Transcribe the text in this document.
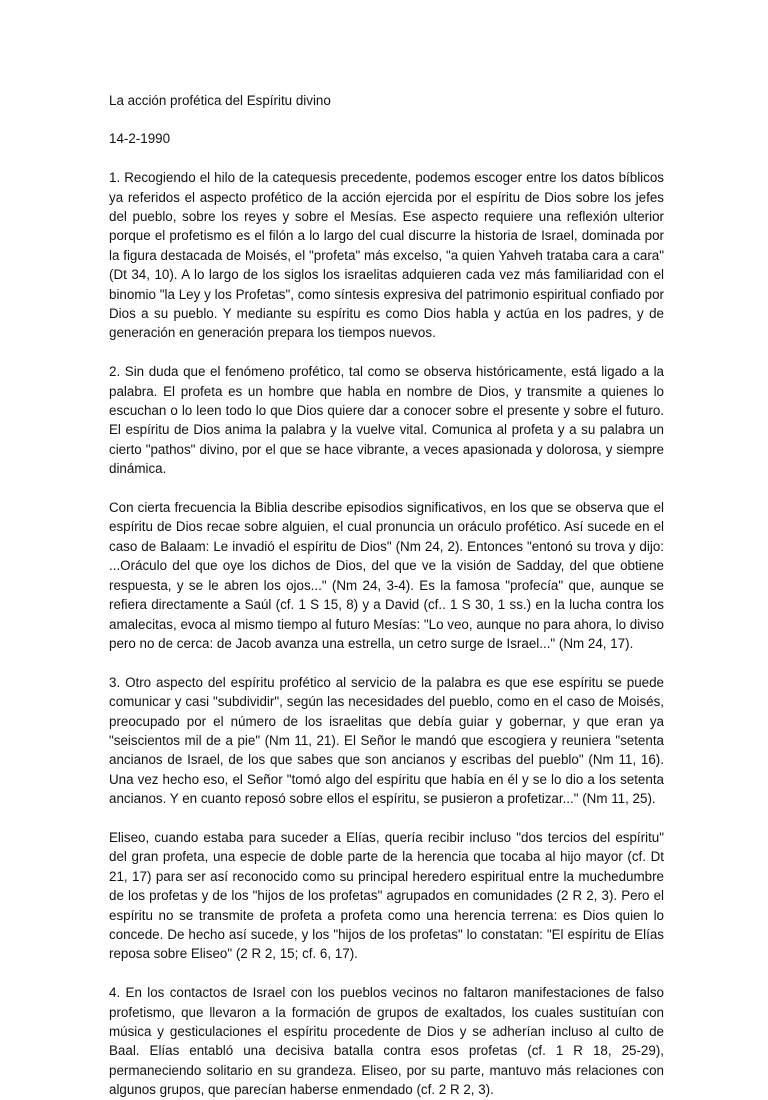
La acción profética del Espíritu divino

14-2-1990

1. Recogiendo el hilo de la catequesis precedente, podemos escoger entre los datos bíblicos ya referidos el aspecto profético de la acción ejercida por el espíritu de Dios sobre los jefes del pueblo, sobre los reyes y sobre el Mesías. Ese aspecto requiere una reflexión ulterior porque el profetismo es el filón a lo largo del cual discurre la historia de Israel, dominada por la figura destacada de Moisés, el "profeta" más excelso, "a quien Yahveh trataba cara a cara" (Dt 34, 10). A lo largo de los siglos los israelitas adquieren cada vez más familiaridad con el binomio "la Ley y los Profetas", como síntesis expresiva del patrimonio espiritual confiado por Dios a su pueblo. Y mediante su espíritu es como Dios habla y actúa en los padres, y de generación en generación prepara los tiempos nuevos.

2. Sin duda que el fenómeno profético, tal como se observa históricamente, está ligado a la palabra. El profeta es un hombre que habla en nombre de Dios, y transmite a quienes lo escuchan o lo leen todo lo que Dios quiere dar a conocer sobre el presente y sobre el futuro. El espíritu de Dios anima la palabra y la vuelve vital. Comunica al profeta y a su palabra un cierto "pathos" divino, por el que se hace vibrante, a veces apasionada y dolorosa, y siempre dinámica.

Con cierta frecuencia la Biblia describe episodios significativos, en los que se observa que el espíritu de Dios recae sobre alguien, el cual pronuncia un oráculo profético. Así sucede en el caso de Balaam: Le invadió el espíritu de Dios" (Nm 24, 2). Entonces "entonó su trova y dijo: ...Oráculo del que oye los dichos de Dios, del que ve la visión de Sadday, del que obtiene respuesta, y se le abren los ojos..." (Nm 24, 3-4). Es la famosa "profecía" que, aunque se refiera directamente a Saúl (cf. 1 S 15, 8) y a David (cf.. 1 S 30, 1 ss.) en la lucha contra los amalecitas, evoca al mismo tiempo al futuro Mesías: "Lo veo, aunque no para ahora, lo diviso pero no de cerca: de Jacob avanza una estrella, un cetro surge de Israel..." (Nm 24, 17).

3. Otro aspecto del espíritu profético al servicio de la palabra es que ese espíritu se puede comunicar y casi "subdividir", según las necesidades del pueblo, como en el caso de Moisés, preocupado por el número de los israelitas que debía guiar y gobernar, y que eran ya "seiscientos mil de a pie" (Nm 11, 21). El Señor le mandó que escogiera y reuniera "setenta ancianos de Israel, de los que sabes que son ancianos y escribas del pueblo" (Nm 11, 16). Una vez hecho eso, el Señor "tomó algo del espíritu que había en él y se lo dio a los setenta ancianos. Y en cuanto reposó sobre ellos el espíritu, se pusieron a profetizar..." (Nm 11, 25).

Eliseo, cuando estaba para suceder a Elías, quería recibir incluso "dos tercios del espíritu" del gran profeta, una especie de doble parte de la herencia que tocaba al hijo mayor (cf. Dt 21, 17) para ser así reconocido como su principal heredero espiritual entre la muchedumbre de los profetas y de los "hijos de los profetas" agrupados en comunidades (2 R 2, 3). Pero el espíritu no se transmite de profeta a profeta como una herencia terrena: es Dios quien lo concede. De hecho así sucede, y los "hijos de los profetas" lo constatan: "El espíritu de Elías reposa sobre Eliseo" (2 R 2, 15; cf. 6, 17).

4. En los contactos de Israel con los pueblos vecinos no faltaron manifestaciones de falso profetismo, que llevaron a la formación de grupos de exaltados, los cuales sustituían con música y gesticulaciones el espíritu procedente de Dios y se adherían incluso al culto de Baal. Elías entabló una decisiva batalla contra esos profetas (cf. 1 R 18, 25-29), permaneciendo solitario en su grandeza. Eliseo, por su parte, mantuvo más relaciones con algunos grupos, que parecían haberse enmendado (cf. 2 R 2, 3).
